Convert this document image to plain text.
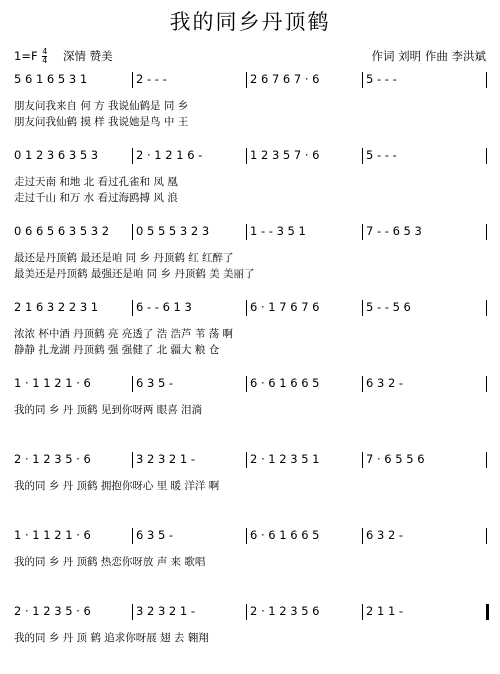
我的同乡丹顶鹤
$1=F \frac{4}{4}$ 深情 赞美	作词 刘明 作曲 李洪斌
5 6 1 6 5 3 1	2 - - -	2 6 7 6 7 · 6	5 - - -
朋友问我来自 何 方 我说仙鹤是 同 乡
朋友问我仙鹤 摸 样 我说她是鸟 中 王
0 1 2 3 6 3 5 3	2 · 1 2 1 6 -	1 2 3 5 7 · 6	5 - - -
走过天南 和地 北 看过孔雀和 凤 凰
走过千山 和万 水 看过海鸥搏 风 浪
0 6 6 5 6 3 5 3 2	0 5 5 5 3 2 3	1 - - 3 5 1	7 - - 6 5 3
最还是丹顶鹤 最还是咱 同 乡 丹顶鹤 红 红醉了
最美还是丹顶鹤 最强还是咱 同 乡 丹顶鹤 美 美丽了
2 1 6 3 2 2 3 1	6 - - 6 1 3	6 · 1 7 6 7 6	5 - - 5 6
浓浓 杯中酒 丹顶鹤 亮 亮透了 浩 浩芦 苇 荡 啊
静静 扎龙湖 丹顶鹤 强 强健了 北 疆大 粮 仓
1 · 1 1 2 1 · 6	6 3 5 -	6 · 6 1 6 6 5	6 3 2 -
我的同 乡 丹 顶鹤 见到你呀两 眼喜 泪淌
2 · 1 2 3 5 · 6	3 2 3 2 1 -	2 · 1 2 3 5 1	7 · 6 5 5 6
我的同 乡 丹 顶鹤 拥抱你呀心 里 暖 洋洋 啊
1 · 1 1 2 1 · 6	6 3 5 -	6 · 6 1 6 6 5	6 3 2 -
我的同 乡 丹 顶鹤 热恋你呀放 声 来 歌唱
2 · 1 2 3 5 · 6	3 2 3 2 1 -	2 · 1 2 3 5 6	2 1 1 -
我的同 乡 丹 顶 鹤 追求你呀展 翅 去 翱翔
